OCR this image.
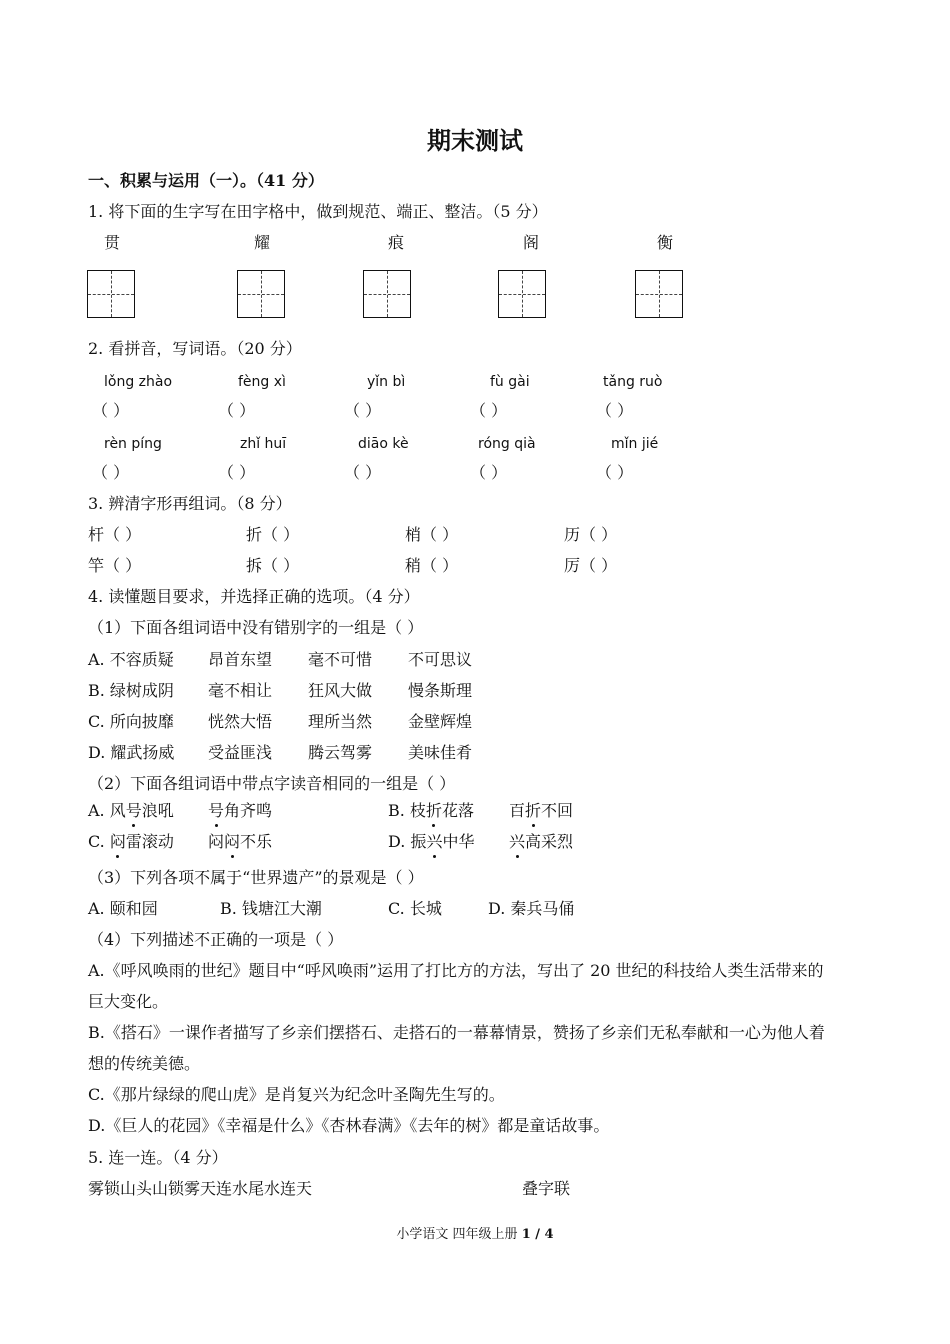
期末测试
一、积累与运用（一）。（41 分）
1. 将下面的生字写在田字格中，做到规范、端正、整洁。（5 分）
贯	耀	痕	阁	衡
2. 看拼音，写词语。（20 分）
lǒng zhào	fèng xì	yǐn bì	fù gài	tǎng ruò
（ ）	（ ）	（ ）	（ ）	（ ）
rèn píng	zhǐ huī	diāo kè	róng qià	mǐn jié
（ ）	（ ）	（ ）	（ ）	（ ）
3. 辨清字形再组词。（8 分）
杆（ ）	折（ ）	梢（ ）	历（ ）
竿（ ）	拆（ ）	稍（ ）	厉（ ）
4. 读懂题目要求，并选择正确的选项。（4 分）
（1）下面各组词语中没有错别字的一组是（ ）
A. 不容质疑 昂首东望 毫不可惜 不可思议
B. 绿树成阴 毫不相让 狂风大做 慢条斯理
C. 所向披靡 恍然大悟 理所当然 金壁辉煌
D. 耀武扬威 受益匪浅 腾云驾雾 美味佳肴
（2）下面各组词语中带点字读音相同的一组是（ ）
A. 风号浪吼 号角齐鸣	B. 枝折花落 百折不回
C. 闷雷滚动 闷闷不乐	D. 振兴中华 兴高采烈
（3）下列各项不属于“世界遗产”的景观是（ ）
A. 颐和园	B. 钱塘江大潮	C. 长城	D. 秦兵马俑
（4）下列描述不正确的一项是（ ）
A.《呼风唤雨的世纪》题目中“呼风唤雨”运用了打比方的方法，写出了 20 世纪的科技给人类生活带来的
巨大变化。
B.《搭石》一课作者描写了乡亲们摆搭石、走搭石的一幕幕情景，赞扬了乡亲们无私奉献和一心为他人着
想的传统美德。
C.《那片绿绿的爬山虎》是肖复兴为纪念叶圣陶先生写的。
D.《巨人的花园》《幸福是什么》《杏林春满》《去年的树》都是童话故事。
5. 连一连。（4 分）
雾锁山头山锁雾天连水尾水连天	叠字联
小学语文 四年级上册 1 / 4
